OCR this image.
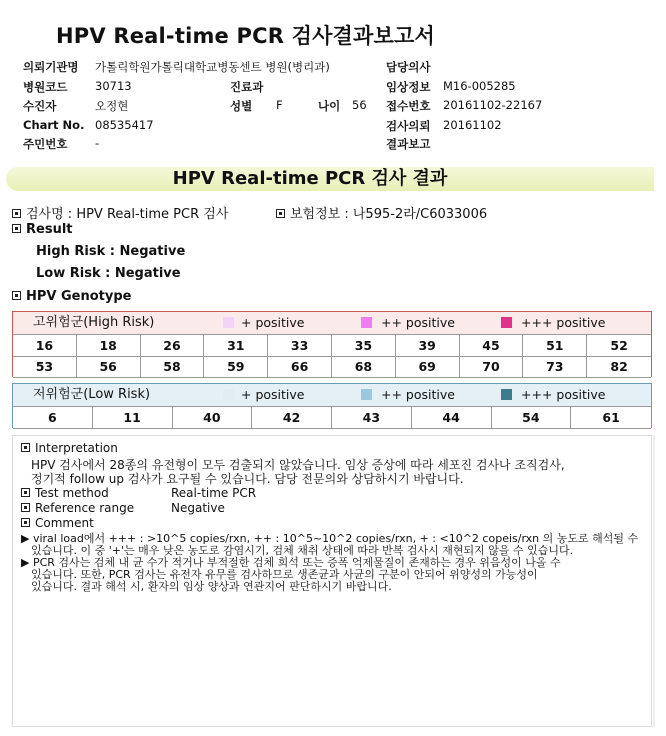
HPV Real-time PCR 검사결과보고서
의뢰기관명 가톨릭학원가톨릭대학교병동센트 병원(병리과)
병원코드 30713
수진자	오정현
Chart No. 08535417
주민번호 -
진료과
성별 F	나이 56
담당의사
임상정보 M16-005285
접수번호 20161102-22167
검사의뢰 20161102
결과보고
HPV Real-time PCR 검사 결과
검사명 : HPV Real-time PCR 검사	보험정보 : 나595-2라/C6033006
Result
High Risk : Negative
Low Risk : Negative
HPV Genotype
고위험군(High Risk)	+ positive	++ positive	+++ positive
16	18	26	31	33	35	39	45	51	52
53	56	58	59	66	68	69	70	73	82
저위험군(Low Risk)	+ positive	++ positive	+++ positive
6	11	40	42	43	44	54	61
Interpretation
HPV 검사에서 28종의 유전형이 모두 검출되지 않았습니다. 임상 증상에 따라 세포진 검사나 조직검사,
정기적 follow up 검사가 요구될 수 있습니다. 담당 전문의와 상담하시기 바랍니다.
Test method	Real-time PCR
Reference range	Negative
Comment
▶ viral load에서 +++ : >10^5 copies/rxn, ++ : 10^5~10^2 copies/rxn, + : <10^2 copeis/rxn 의 농도로 해석될 수
있습니다. 이 중 '+'는 매우 낮은 농도로 감염시기, 검체 채취 상태에 따라 반복 검사시 재현되지 않을 수 있습니다.
▶ PCR 검사는 검체 내 균 수가 적거나 부적절한 검체 희석 또는 증폭 억제물질이 존재하는 경우 위음성이 나올 수
있습니다. 또한, PCR 검사는 유전자 유무를 검사하므로 생존균과 사균의 구분이 안되어 위양성의 가능성이
있습니다. 결과 해석 시, 환자의 임상 양상과 연관지어 판단하시기 바랍니다.
